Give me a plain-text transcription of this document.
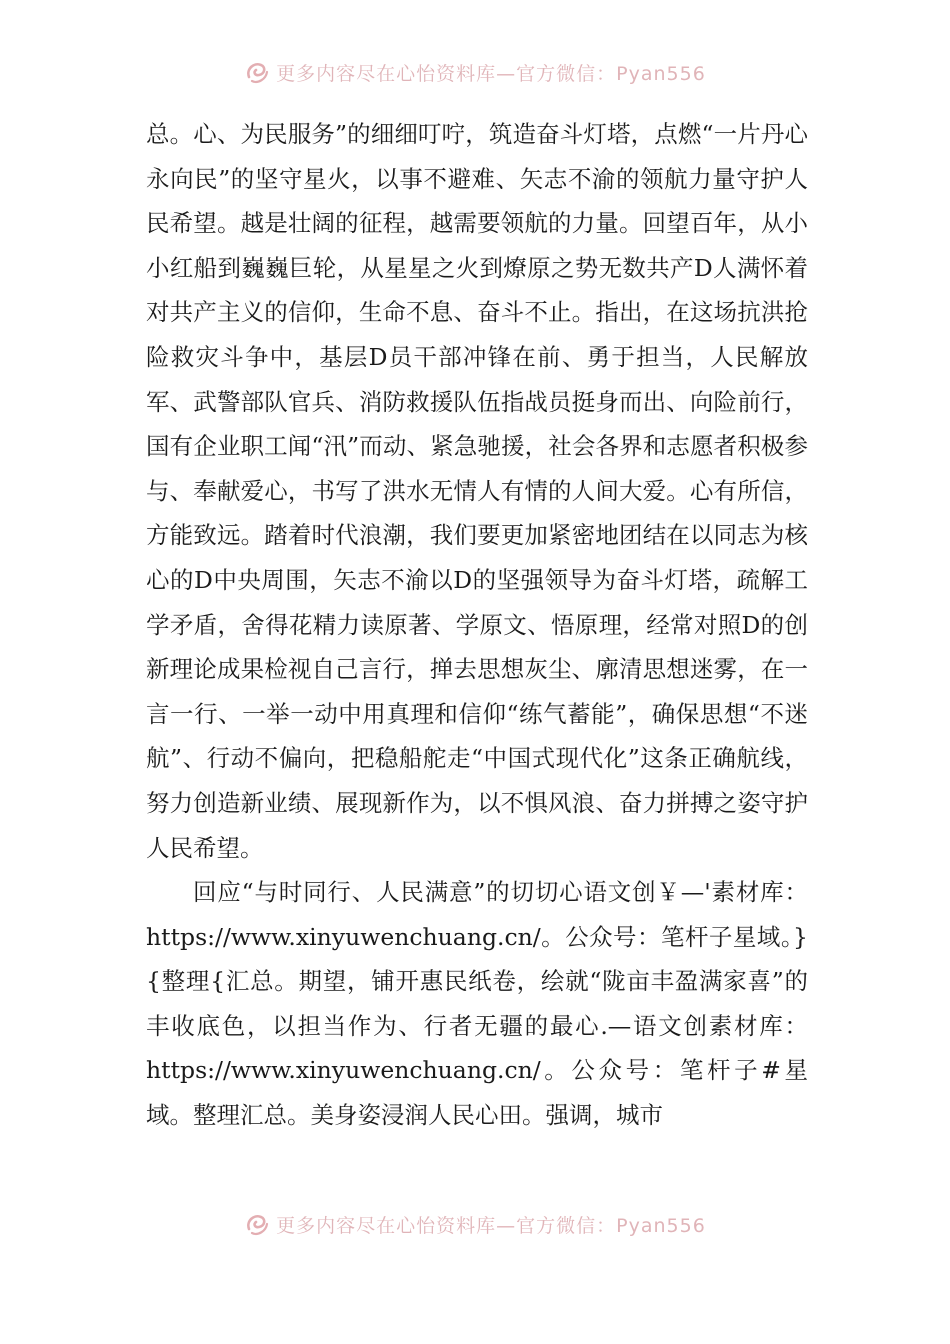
更多内容尽在心怡资料库—官方微信：Pyan556

总。心、为民服务”的细细叮咛，筑造奋斗灯塔，点燃“一片丹心永向民”的坚守星火，以事不避难、矢志不渝的领航力量守护人民希望。越是壮阔的征程，越需要领航的力量。回望百年，从小小红船到巍巍巨轮，从星星之火到燎原之势无数共产D人满怀着对共产主义的信仰，生命不息、奋斗不止。指出，在这场抗洪抢险救灾斗争中，基层D员干部冲锋在前、勇于担当，人民解放军、武警部队官兵、消防救援队伍指战员挺身而出、向险前行，国有企业职工闻“汛”而动、紧急驰援，社会各界和志愿者积极参与、奉献爱心，书写了洪水无情人有情的人间大爱。心有所信，方能致远。踏着时代浪潮，我们要更加紧密地团结在以同志为核心的D中央周围，矢志不渝以D的坚强领导为奋斗灯塔，疏解工学矛盾，舍得花精力读原著、学原文、悟原理，经常对照D的创新理论成果检视自己言行，掸去思想灰尘、廓清思想迷雾，在一言一行、一举一动中用真理和信仰“练气蓄能”，确保思想“不迷航”、行动不偏向，把稳船舵走“中国式现代化”这条正确航线，努力创造新业绩、展现新作为，以不惧风浪、奋力拼搏之姿守护人民希望。

回应“与时同行、人民满意”的切切心语文创￥—'素材库：https://www.xinyuwenchuang.cn/。公众号：笔杆子星域。}{整理{汇总。期望，铺开惠民纸卷，绘就“陇亩丰盈满家喜”的丰收底色，以担当作为、行者无疆的最心.—语文创素材库：https://www.xinyuwenchuang.cn/。公众号：笔杆子#星域。整理汇总。美身姿浸润人民心田。强调，城市

更多内容尽在心怡资料库—官方微信：Pyan556
